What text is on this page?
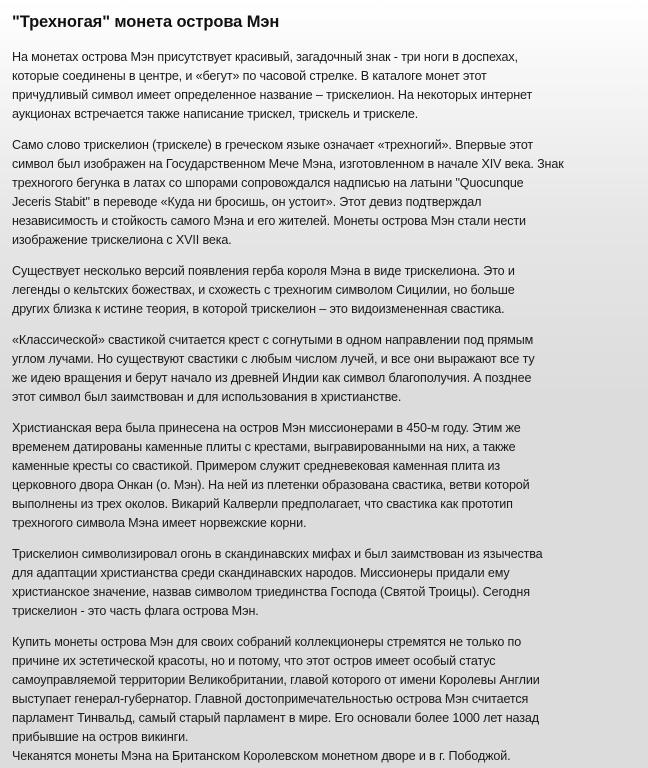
"Трехногая" монета острова Мэн

На монетах острова Мэн присутствует красивый, загадочный знак - три ноги в доспехах,
которые соединены в центре, и «бегут» по часовой стрелке. В каталоге монет этот
причудливый символ имеет определенное название – трискелион. На некоторых интернет
аукционах встречается также написание трискел, трискель и трискеле.

Само слово трискелион (трискеле) в греческом языке означает «трехногий». Впервые этот
символ был изображен на Государственном Мече Мэна, изготовленном в начале XIV века. Знак
трехногого бегунка в латах со шпорами сопровождался надписью на латыни "Quocunque
Jeceris Stabit" в переводе «Куда ни бросишь, он устоит». Этот девиз подтверждал
независимость и стойкость самого Мэна и его жителей. Монеты острова Мэн стали нести
изображение трискелиона с XVII века.

Существует несколько версий появления герба короля Мэна в виде трискелиона. Это и
легенды о кельтских божествах, и схожесть с трехногим символом Сицилии, но больше
других близка к истине теория, в которой трискелион – это видоизмененная свастика.

«Классической» свастикой считается крест с согнутыми в одном направлении под прямым
углом лучами. Но существуют свастики с любым числом лучей, и все они выражают все ту
же идею вращения и берут начало из древней Индии как символ благополучия. А позднее
этот символ был заимствован и для использования в христианстве.

Христианская вера была принесена на остров Мэн миссионерами в 450-м году. Этим же
временем датированы каменные плиты с крестами, выгравированными на них, а также
каменные кресты со свастикой. Примером служит средневековая каменная плита из
церковного двора Онкан (о. Мэн). На ней из плетенки образована свастика, ветви которой
выполнены из трех околов. Викарий Калверли предполагает, что свастика как прототип
трехногого символа Мэна имеет норвежские корни.

Трискелион символизировал огонь в скандинавских мифах и был заимствован из язычества
для адаптации христианства среди скандинавских народов. Миссионеры придали ему
христианское значение, назвав символом триединства Господа (Святой Троицы). Сегодня
трискелион - это часть флага острова Мэн.

Купить монеты острова Мэн для своих собраний коллекционеры стремятся не только по
причине их эстетической красоты, но и потому, что этот остров имеет особый статус
самоуправляемой территории Великобритании, главой которого от имени Королевы Англии
выступает генерал-губернатор. Главной достопримечательностью острова Мэн считается
парламент Тинвальд, самый старый парламент в мире. Его основали более 1000 лет назад
прибывшие на остров викинги.
Чеканятся монеты Мэна на Британском Королевском монетном дворе и в г. Пободжой.
